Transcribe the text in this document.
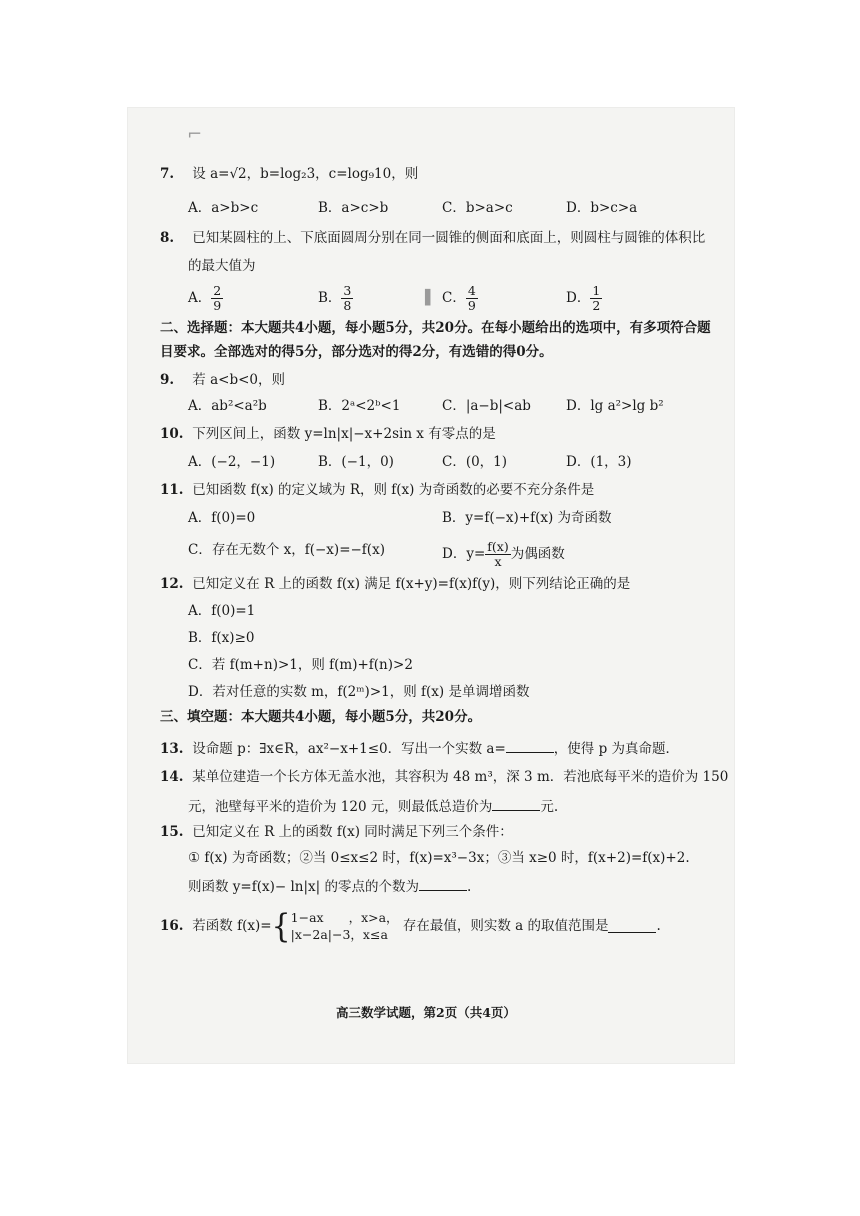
7. 设 a=√2，b=log₂3，c=log₉10，则
A．a>b>c	B．a>c>b	C．b>a>c	D．b>c>a
8. 已知某圆柱的上、下底面圆周分别在同一圆锥的侧面和底面上，则圆柱与圆锥的体积比
的最大值为
A． $\frac{2}{9}$	B． $\frac{3}{8}$	C． $\frac{4}{9}$	D． $\frac{1}{2}$
二、选择题：本大题共4小题，每小题5分，共20分。在每小题给出的选项中，有多项符合题
目要求。全部选对的得5分，部分选对的得2分，有选错的得0分。
9. 若 a<b<0，则
A．ab²<a²b	B．2ᵃ<2ᵇ<1	C．|a−b|<ab	D．lg a²>lg b²
10. 下列区间上，函数 y=ln|x|−x+2sin x 有零点的是
A．(−2，−1)	B．(−1，0)	C．(0，1)	D．(1，3)
11. 已知函数 f(x) 的定义域为 R，则 f(x) 为奇函数的必要不充分条件是
A．f(0)=0	B．y=f(−x)+f(x) 为奇函数
C．存在无数个 x，f(−x)=−f(x)	D．$y= \frac{f(x)}{x}$ 为偶函数
12. 已知定义在 R 上的函数 f(x) 满足 f(x+y)=f(x)f(y)，则下列结论正确的是
A．f(0)=1
B．f(x)≥0
C．若 f(m+n)>1，则 f(m)+f(n)>2
D．若对任意的实数 m，f(2ᵐ)>1，则 f(x) 是单调增函数
三、填空题：本大题共4小题，每小题5分，共20分。
13. 设命题 p：∃x∈R，ax²−x+1≤0．写出一个实数 a=	，使得 p 为真命题．
14. 某单位建造一个长方体无盖水池，其容积为 48 m³，深 3 m．若池底每平米的造价为 150
元，池壁每平米的造价为 120 元，则最低总造价为	元.
15. 已知定义在 R 上的函数 f(x) 同时满足下列三个条件：
① f(x) 为奇函数；②当 0≤x≤2 时，f(x)=x³−3x；③当 x≥0 时，f(x+2)=f(x)+2.
则函数 y=f(x)− ln|x| 的零点的个数为	.
16. 若函数 f(x)={ 1−ax　　，x>a，
|x−2a|−3，x≤a
存在最值，则实数 a 的取值范围是	.
高三数学试题，第2页（共4页）
⌐
▌
